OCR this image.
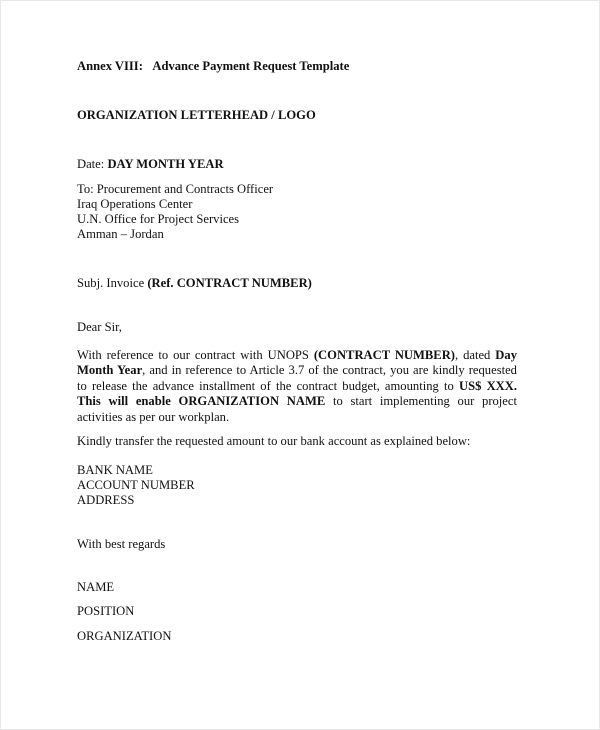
Annex VIII: Advance Payment Request Template
ORGANIZATION LETTERHEAD / LOGO
Date: DAY MONTH YEAR
To: Procurement and Contracts Officer
Iraq Operations Center
U.N. Office for Project Services
Amman – Jordan
Subj. Invoice (Ref. CONTRACT NUMBER)
Dear Sir,
With reference to our contract with UNOPS (CONTRACT NUMBER), dated Day Month Year, and in reference to Article 3.7 of the contract, you are kindly requested to release the advance installment of the contract budget, amounting to US$ XXX. This will enable ORGANIZATION NAME to start implementing our project activities as per our workplan.
Kindly transfer the requested amount to our bank account as explained below:
BANK NAME
ACCOUNT NUMBER
ADDRESS
With best regards
NAME
POSITION
ORGANIZATION
